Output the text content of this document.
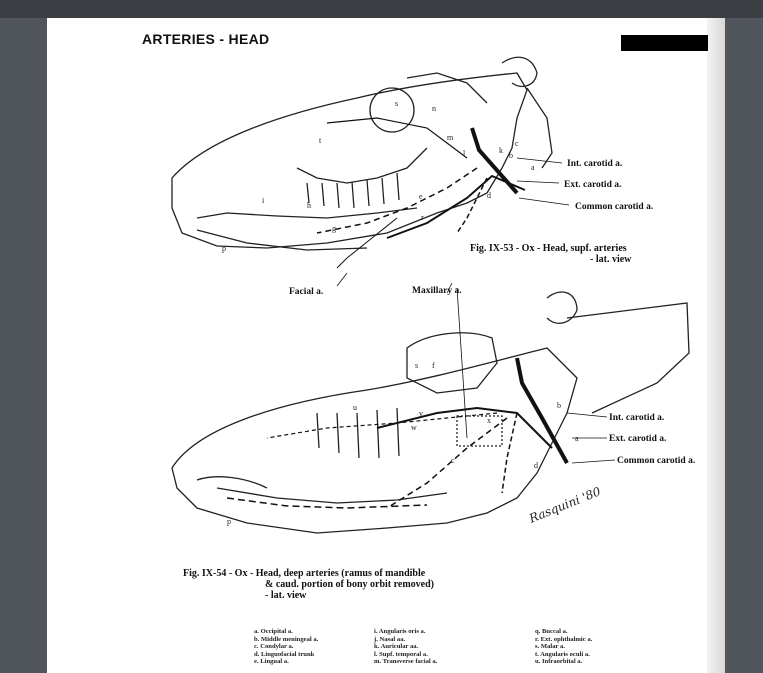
ARTERIES - HEAD
Int. carotid a.
Ext. carotid a.
Common carotid a.
Facial a.	Maxillary a.
s
n
m
l	k
b
c
a
d
t
i
h
p
g
e
r
Int. carotid a.
Ext. carotid a.
Common carotid a.
s f
u
v
w
x
b
a
c
d
p
Fig. IX-53 - Ox - Head, supf. arteries
- lat. view
Rasquini '80
Fig. IX-54 - Ox - Head, deep arteries (ramus of mandible
& caud. portion of bony orbit removed)
- lat. view
a. Occipital a.
b. Middle meningeal a.
c. Condylar a.
d. Linguofacial trunk
e. Lingual a.
i. Angularis oris a.
j. Nasal aa.
k. Auricular aa.
l. Supf. temporal a.
m. Transverse facial a.
q. Buccal a.
r. Ext. ophthalmic a.
s. Malar a.
t. Angularis oculi a.
u. Infraorbital a.
